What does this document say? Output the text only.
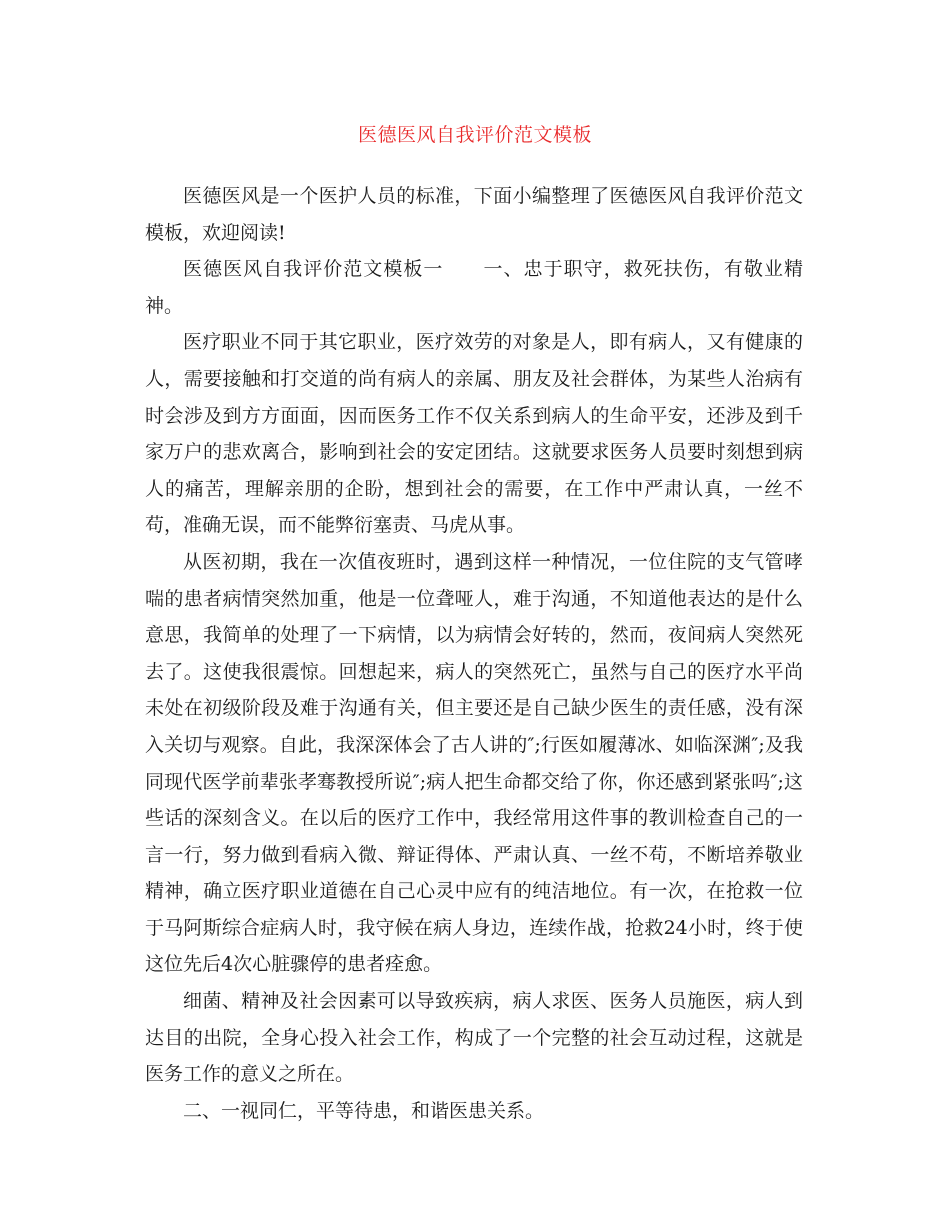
医德医风自我评价范文模板

医德医风是一个医护人员的标准，下面小编整理了医德医风自我评价范文模板，欢迎阅读!

医德医风自我评价范文模板一　　一、忠于职守，救死扶伤，有敬业精神。

医疗职业不同于其它职业，医疗效劳的对象是人，即有病人，又有健康的人，需要接触和打交道的尚有病人的亲属、朋友及社会群体，为某些人治病有时会涉及到方方面面，因而医务工作不仅关系到病人的生命平安，还涉及到千家万户的悲欢离合，影响到社会的安定团结。这就要求医务人员要时刻想到病人的痛苦，理解亲朋的企盼，想到社会的需要，在工作中严肃认真，一丝不苟，准确无误，而不能弊衍塞责、马虎从事。

从医初期，我在一次值夜班时，遇到这样一种情况，一位住院的支气管哮喘的患者病情突然加重，他是一位聋哑人，难于沟通，不知道他表达的是什么意思，我简单的处理了一下病情，以为病情会好转的，然而，夜间病人突然死去了。这使我很震惊。回想起来，病人的突然死亡，虽然与自己的医疗水平尚未处在初级阶段及难于沟通有关，但主要还是自己缺少医生的责任感，没有深入关切与观察。自此，我深深体会了古人讲的″;行医如履薄冰、如临深渊″;及我同现代医学前辈张孝骞教授所说″;病人把生命都交给了你，你还感到紧张吗″;这些话的深刻含义。在以后的医疗工作中，我经常用这件事的教训检查自己的一言一行，努力做到看病入微、辩证得体、严肃认真、一丝不苟，不断培养敬业精神，确立医疗职业道德在自己心灵中应有的纯洁地位。有一次，在抢救一位于马阿斯综合症病人时，我守候在病人身边，连续作战，抢救24小时，终于使这位先后4次心脏骤停的患者痊愈。

细菌、精神及社会因素可以导致疾病，病人求医、医务人员施医，病人到达目的出院，全身心投入社会工作，构成了一个完整的社会互动过程，这就是医务工作的意义之所在。

二、一视同仁，平等待患，和谐医患关系。
